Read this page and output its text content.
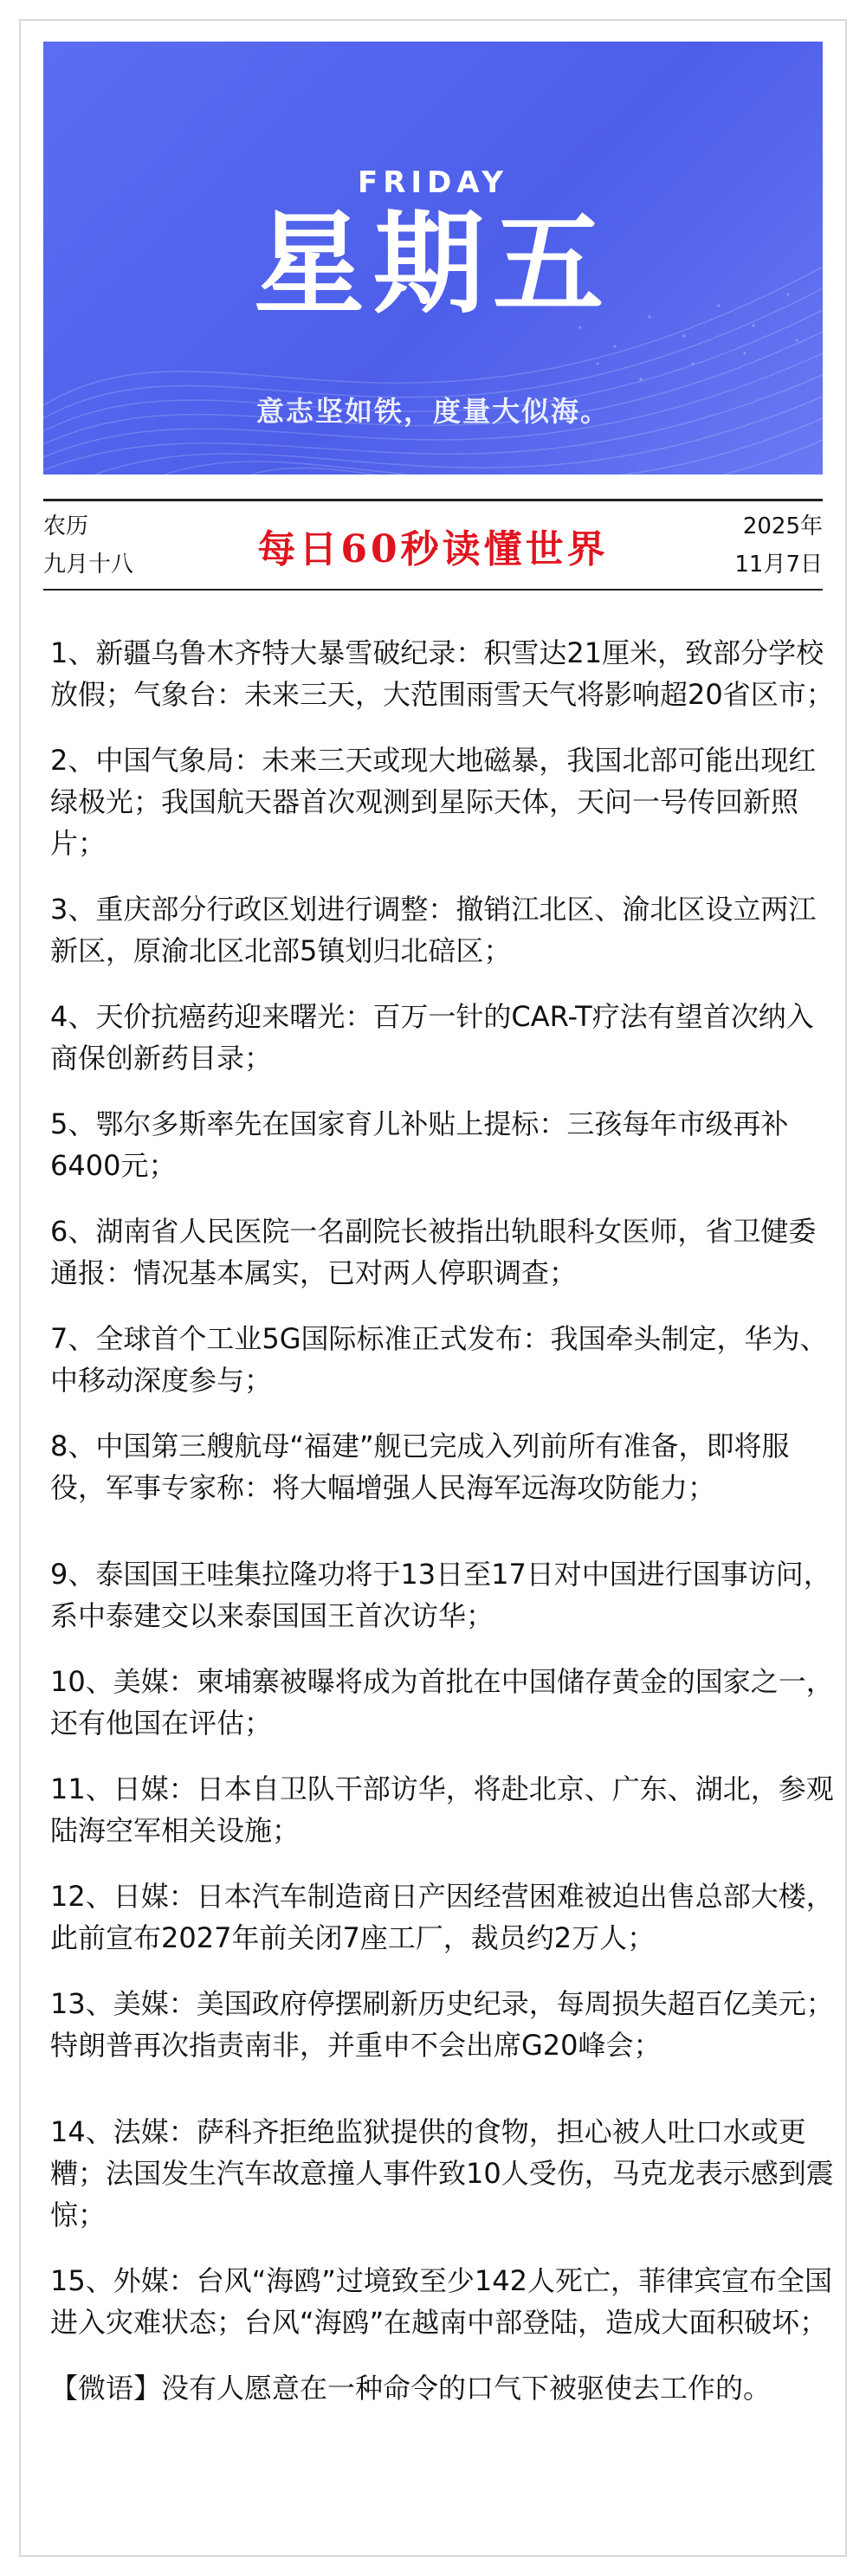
FRIDAY
星期五
意志坚如铁，度量大似海。
农历
九月十八	每日60秒读懂世界
2025年
11月7日
1、新疆乌鲁木齐特大暴雪破纪录：积雪达21厘米，致部分学校放假；气象台：未来三天，大范围雨雪天气将影响超20省区市；
2、中国气象局：未来三天或现大地磁暴，我国北部可能出现红绿极光；我国航天器首次观测到星际天体，天问一号传回新照片；
3、重庆部分行政区划进行调整：撤销江北区、渝北区设立两江新区，原渝北区北部5镇划归北碚区；
4、天价抗癌药迎来曙光：百万一针的CAR-T疗法有望首次纳入商保创新药目录；
5、鄂尔多斯率先在国家育儿补贴上提标：三孩每年市级再补6400元；
6、湖南省人民医院一名副院长被指出轨眼科女医师，省卫健委通报：情况基本属实，已对两人停职调查；
7、全球首个工业5G国际标准正式发布：我国牵头制定，华为、中移动深度参与；
8、中国第三艘航母“福建”舰已完成入列前所有准备，即将服役，军事专家称：将大幅增强人民海军远海攻防能力；
9、泰国国王哇集拉隆功将于13日至17日对中国进行国事访问，系中泰建交以来泰国国王首次访华；
10、美媒：柬埔寨被曝将成为首批在中国储存黄金的国家之一，还有他国在评估；
11、日媒：日本自卫队干部访华，将赴北京、广东、湖北，参观陆海空军相关设施；
12、日媒：日本汽车制造商日产因经营困难被迫出售总部大楼，此前宣布2027年前关闭7座工厂，裁员约2万人；
13、美媒：美国政府停摆刷新历史纪录，每周损失超百亿美元；特朗普再次指责南非，并重申不会出席G20峰会；
14、法媒：萨科齐拒绝监狱提供的食物，担心被人吐口水或更糟；法国发生汽车故意撞人事件致10人受伤，马克龙表示感到震惊；
15、外媒：台风“海鸥”过境致至少142人死亡，菲律宾宣布全国进入灾难状态；台风“海鸥”在越南中部登陆，造成大面积破坏；
【微语】没有人愿意在一种命令的口气下被驱使去工作的。
